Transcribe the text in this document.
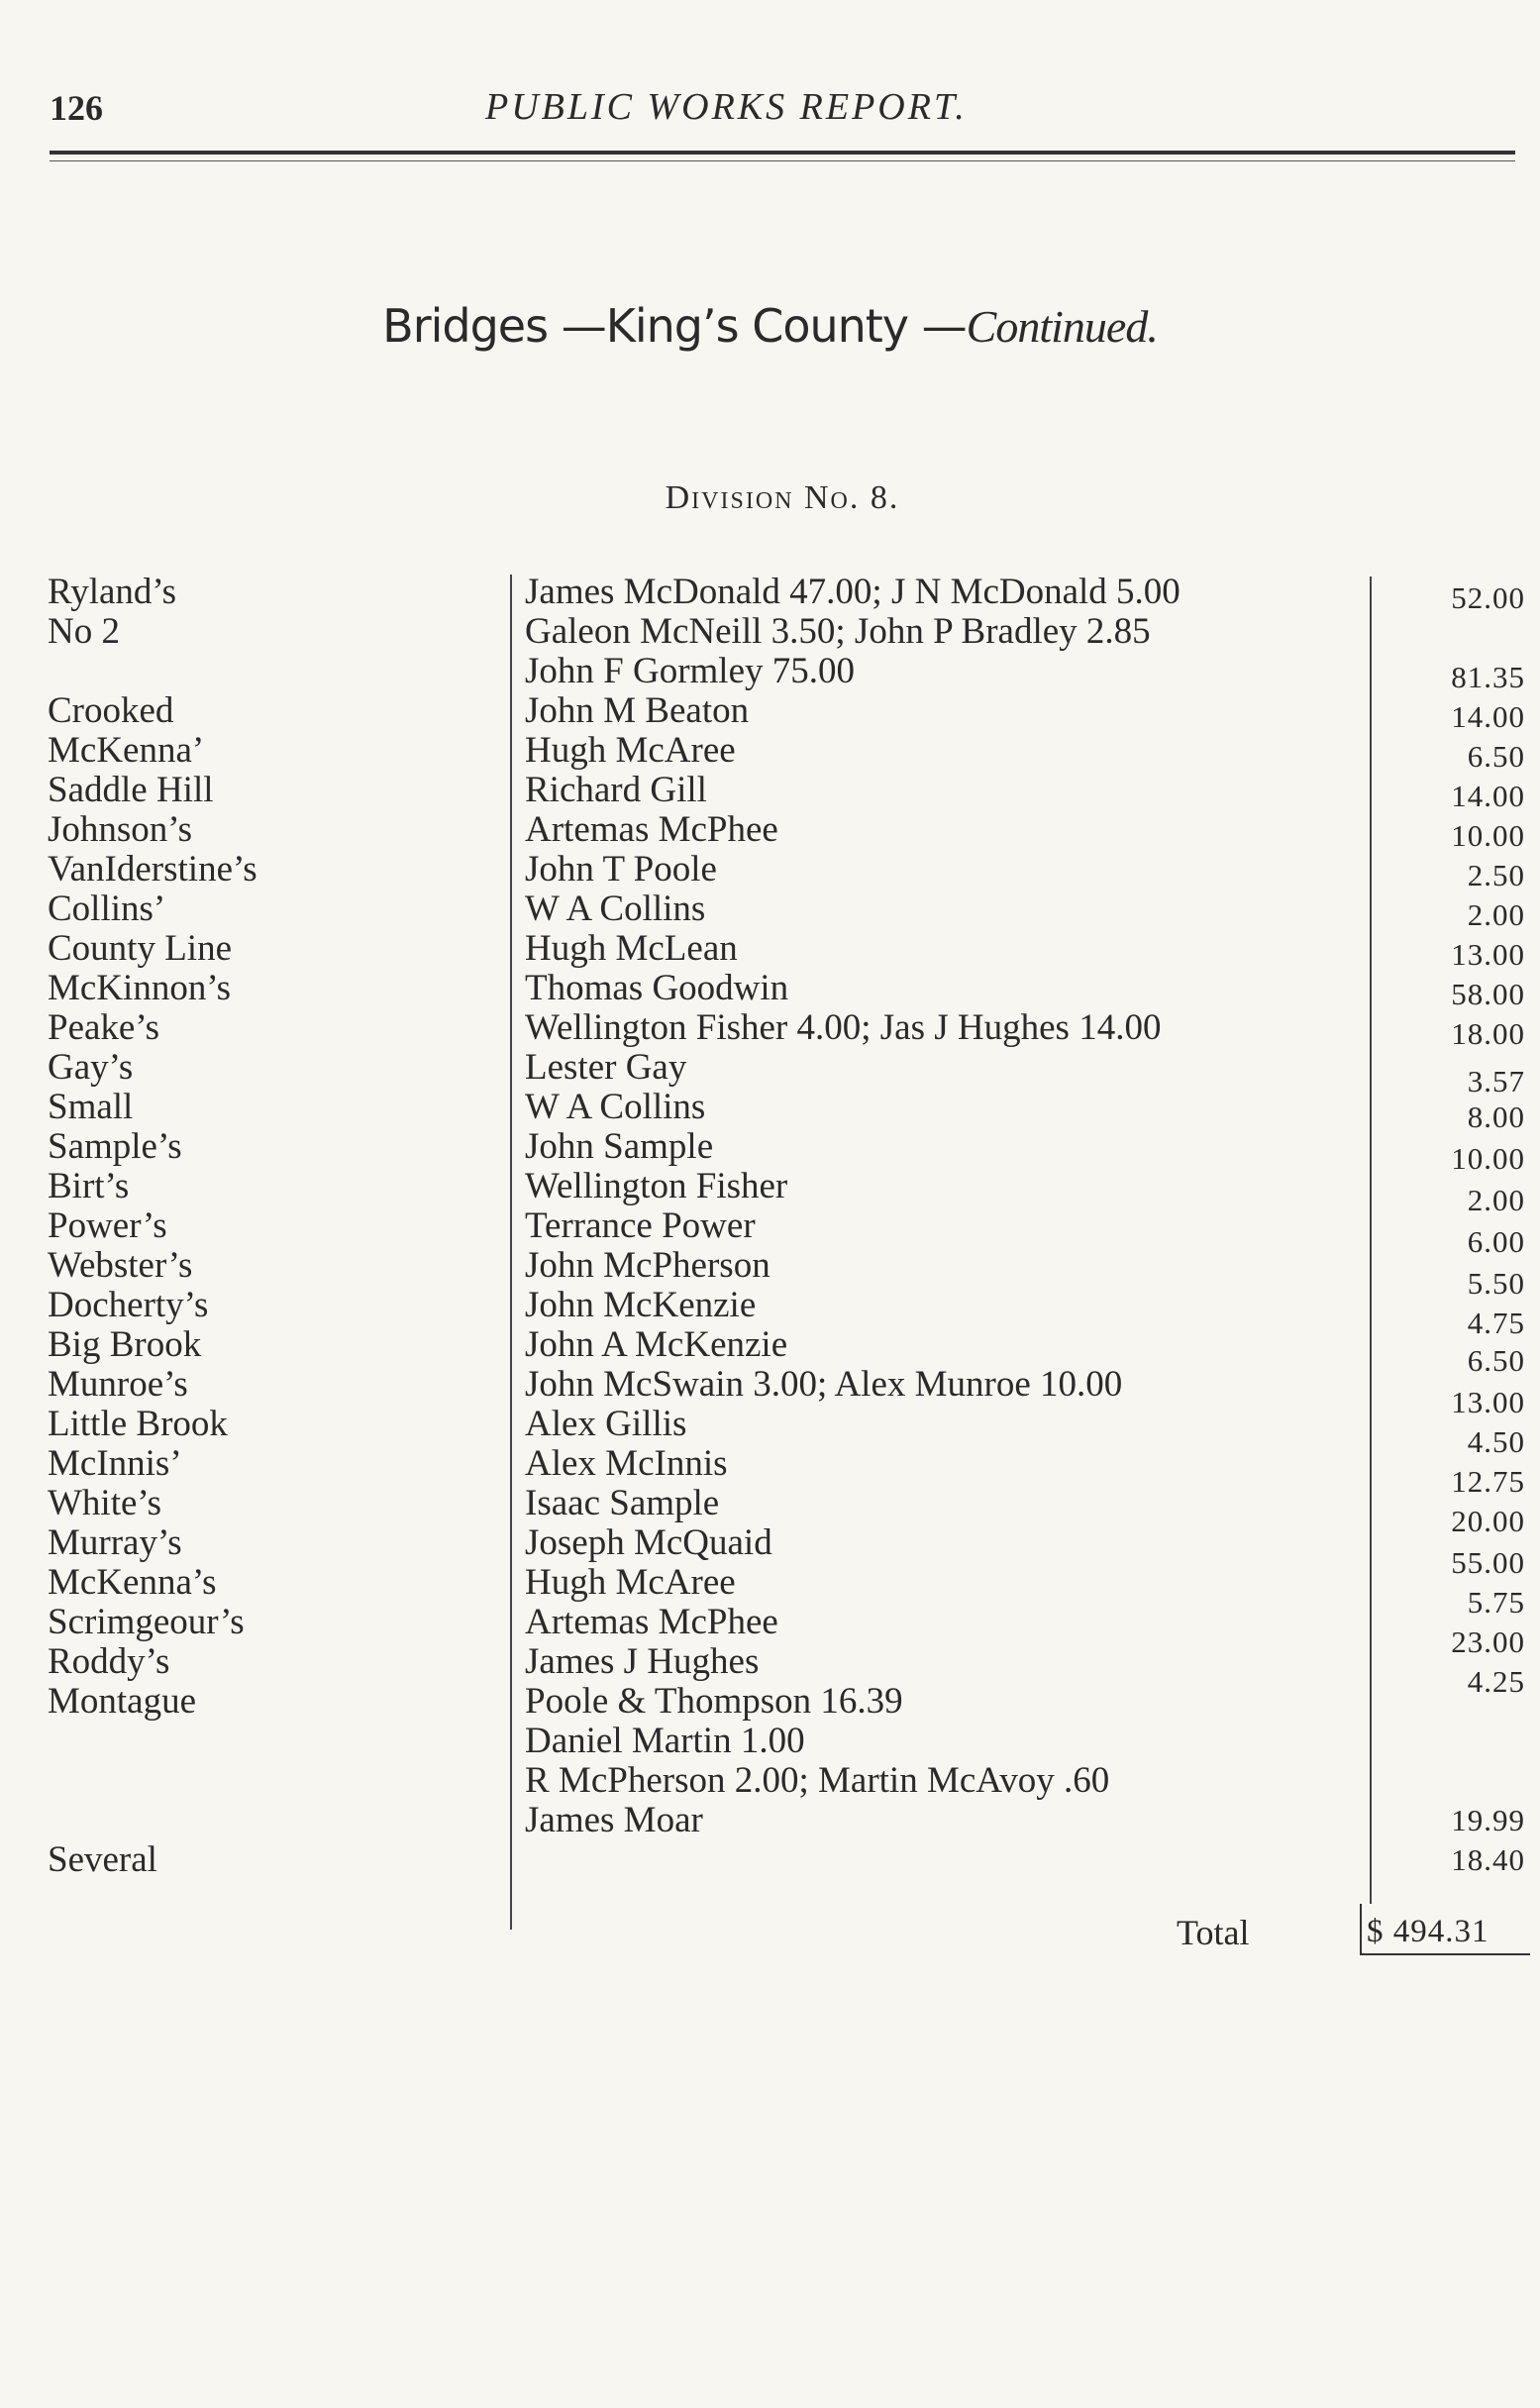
126	PUBLIC WORKS REPORT.
Bridges —King’s County —Continued.
Division No. 8.
Ryland’s
No 2
Crooked
McKenna’
Saddle Hill
Johnson’s
VanIderstine’s
Collins’
County Line
McKinnon’s
Peake’s
Gay’s
Small
Sample’s
Birt’s
Power’s
Webster’s
Docherty’s
Big Brook
Munroe’s
Little Brook
McInnis’
White’s
Murray’s
McKenna’s
Scrimgeour’s
Roddy’s
Montague
Several
James McDonald 47.00; J N McDonald 5.00
Galeon McNeill 3.50; John P Bradley 2.85
John F Gormley 75.00
John M Beaton
Hugh McAree
Richard Gill
Artemas McPhee
John T Poole
W A Collins
Hugh McLean
Thomas Goodwin
Wellington Fisher 4.00; Jas J Hughes 14.00
Lester Gay
W A Collins
John Sample
Wellington Fisher
Terrance Power
John McPherson
John McKenzie
John A McKenzie
John McSwain 3.00; Alex Munroe 10.00
Alex Gillis
Alex McInnis
Isaac Sample
Joseph McQuaid
Hugh McAree
Artemas McPhee
James J Hughes
Poole & Thompson 16.39
Daniel Martin 1.00
R McPherson 2.00; Martin McAvoy .60
James Moar
52.00
81.35
14.00
6.50
14.00
10.00
2.50
2.00
13.00
58.00
18.00
3.57
8.00
10.00
2.00
6.00
5.50
4.75
6.50
13.00
4.50
12.75
20.00
55.00
5.75
23.00
4.25
19.99
18.40
Total	$ 494.31
